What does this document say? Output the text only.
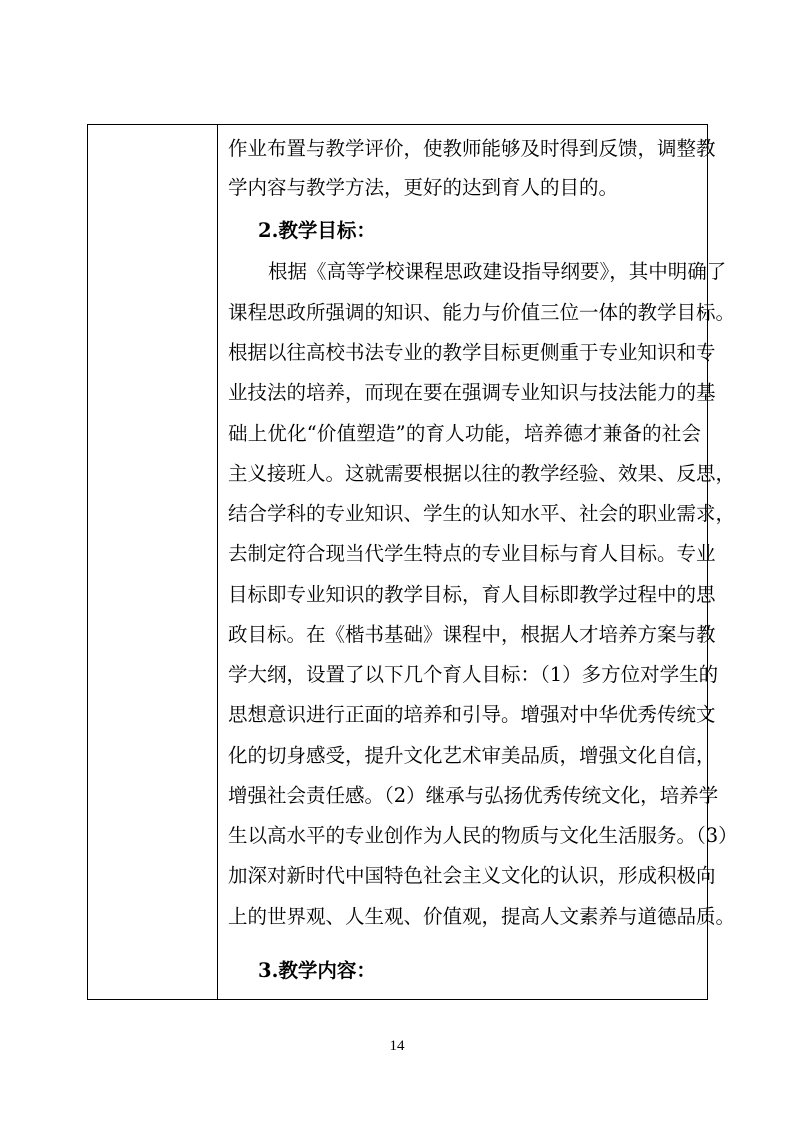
作业布置与教学评价，使教师能够及时得到反馈，调整教
学内容与教学方法，更好的达到育人的目的。
2.教学目标：
根据《高等学校课程思政建设指导纲要》，其中明确了
课程思政所强调的知识、能力与价值三位一体的教学目标。
根据以往高校书法专业的教学目标更侧重于专业知识和专
业技法的培养，而现在要在强调专业知识与技法能力的基
础上优化“价值塑造”的育人功能，培养德才兼备的社会
主义接班人。这就需要根据以往的教学经验、效果、反思，
结合学科的专业知识、学生的认知水平、社会的职业需求，
去制定符合现当代学生特点的专业目标与育人目标。专业
目标即专业知识的教学目标，育人目标即教学过程中的思
政目标。在《楷书基础》课程中，根据人才培养方案与教
学大纲，设置了以下几个育人目标：（1）多方位对学生的
思想意识进行正面的培养和引导。增强对中华优秀传统文
化的切身感受，提升文化艺术审美品质，增强文化自信，
增强社会责任感。（2）继承与弘扬优秀传统文化，培养学
生以高水平的专业创作为人民的物质与文化生活服务。（3）
加深对新时代中国特色社会主义文化的认识，形成积极向
上的世界观、人生观、价值观，提高人文素养与道德品质。
3.教学内容：
14
